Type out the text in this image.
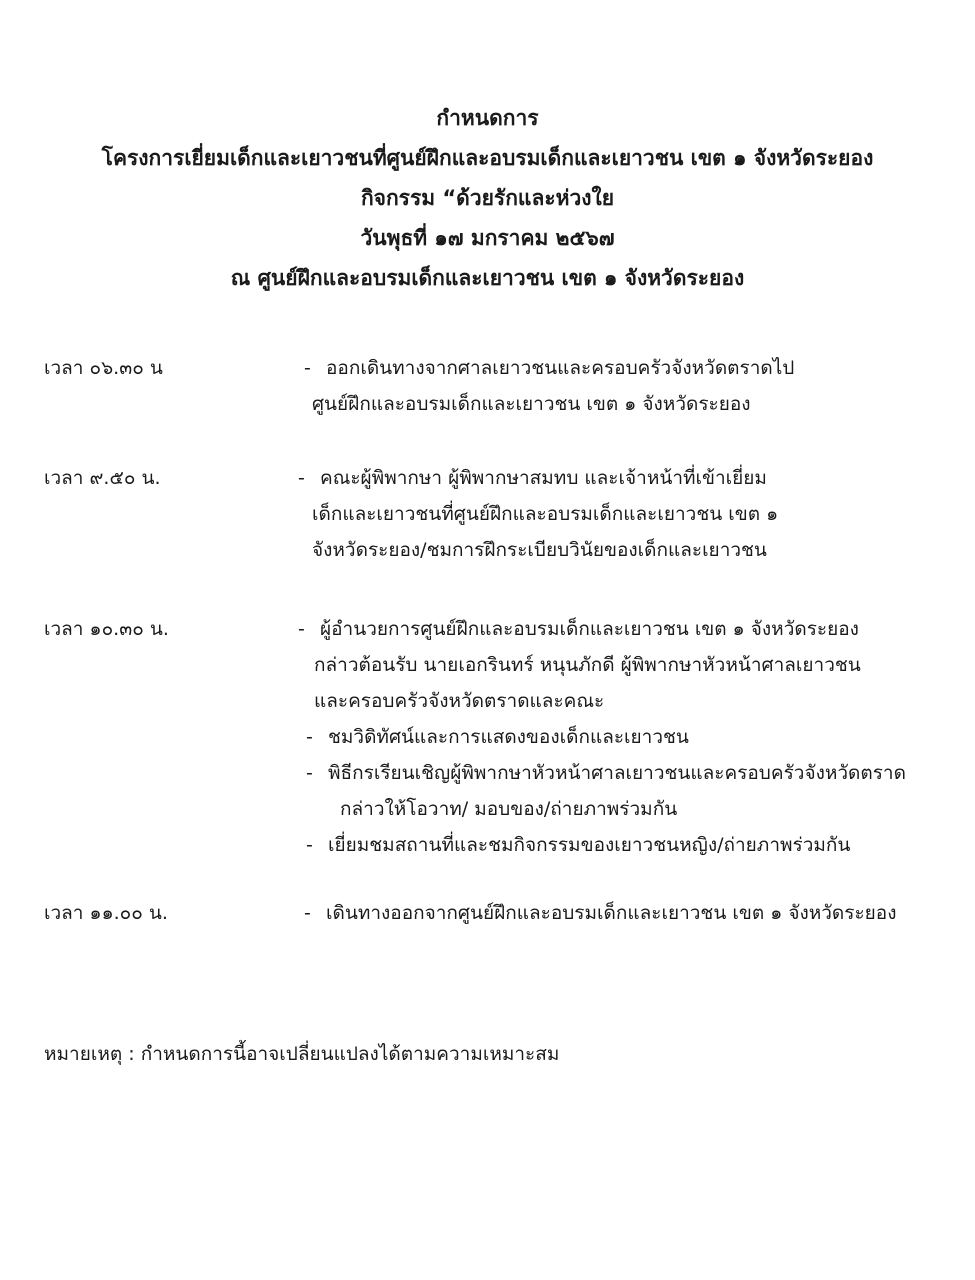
กำหนดการ
โครงการเยี่ยมเด็กและเยาวชนที่ศูนย์ฝึกและอบรมเด็กและเยาวชน เขต ๑ จังหวัดระยอง
กิจกรรม “ด้วยรักและห่วงใย
วันพุธที่ ๑๗ มกราคม ๒๕๖๗
ณ ศูนย์ฝึกและอบรมเด็กและเยาวชน เขต ๑ จังหวัดระยอง
เวลา ๐๖.๓๐ น	- ออกเดินทางจากศาลเยาวชนและครอบครัวจังหวัดตราดไป
ศูนย์ฝึกและอบรมเด็กและเยาวชน เขต ๑ จังหวัดระยอง
เวลา ๙.๕๐ น.	- คณะผู้พิพากษา ผู้พิพากษาสมทบ และเจ้าหน้าที่เข้าเยี่ยม
เด็กและเยาวชนที่ศูนย์ฝึกและอบรมเด็กและเยาวชน เขต ๑
จังหวัดระยอง/ชมการฝึกระเบียบวินัยของเด็กและเยาวชน
เวลา ๑๐.๓๐ น.	- ผู้อำนวยการศูนย์ฝึกและอบรมเด็กและเยาวชน เขต ๑ จังหวัดระยอง
กล่าวต้อนรับ นายเอกรินทร์ หนุนภักดี ผู้พิพากษาหัวหน้าศาลเยาวชน
และครอบครัวจังหวัดตราดและคณะ
- ชมวิดิทัศน์และการแสดงของเด็กและเยาวชน
- พิธีกรเรียนเชิญผู้พิพากษาหัวหน้าศาลเยาวชนและครอบครัวจังหวัดตราด
กล่าวให้โอวาท/ มอบของ/ถ่ายภาพร่วมกัน
- เยี่ยมชมสถานที่และชมกิจกรรมของเยาวชนหญิง/ถ่ายภาพร่วมกัน
เวลา ๑๑.๐๐ น.	- เดินทางออกจากศูนย์ฝึกและอบรมเด็กและเยาวชน เขต ๑ จังหวัดระยอง
หมายเหตุ : กำหนดการนี้อาจเปลี่ยนแปลงได้ตามความเหมาะสม
